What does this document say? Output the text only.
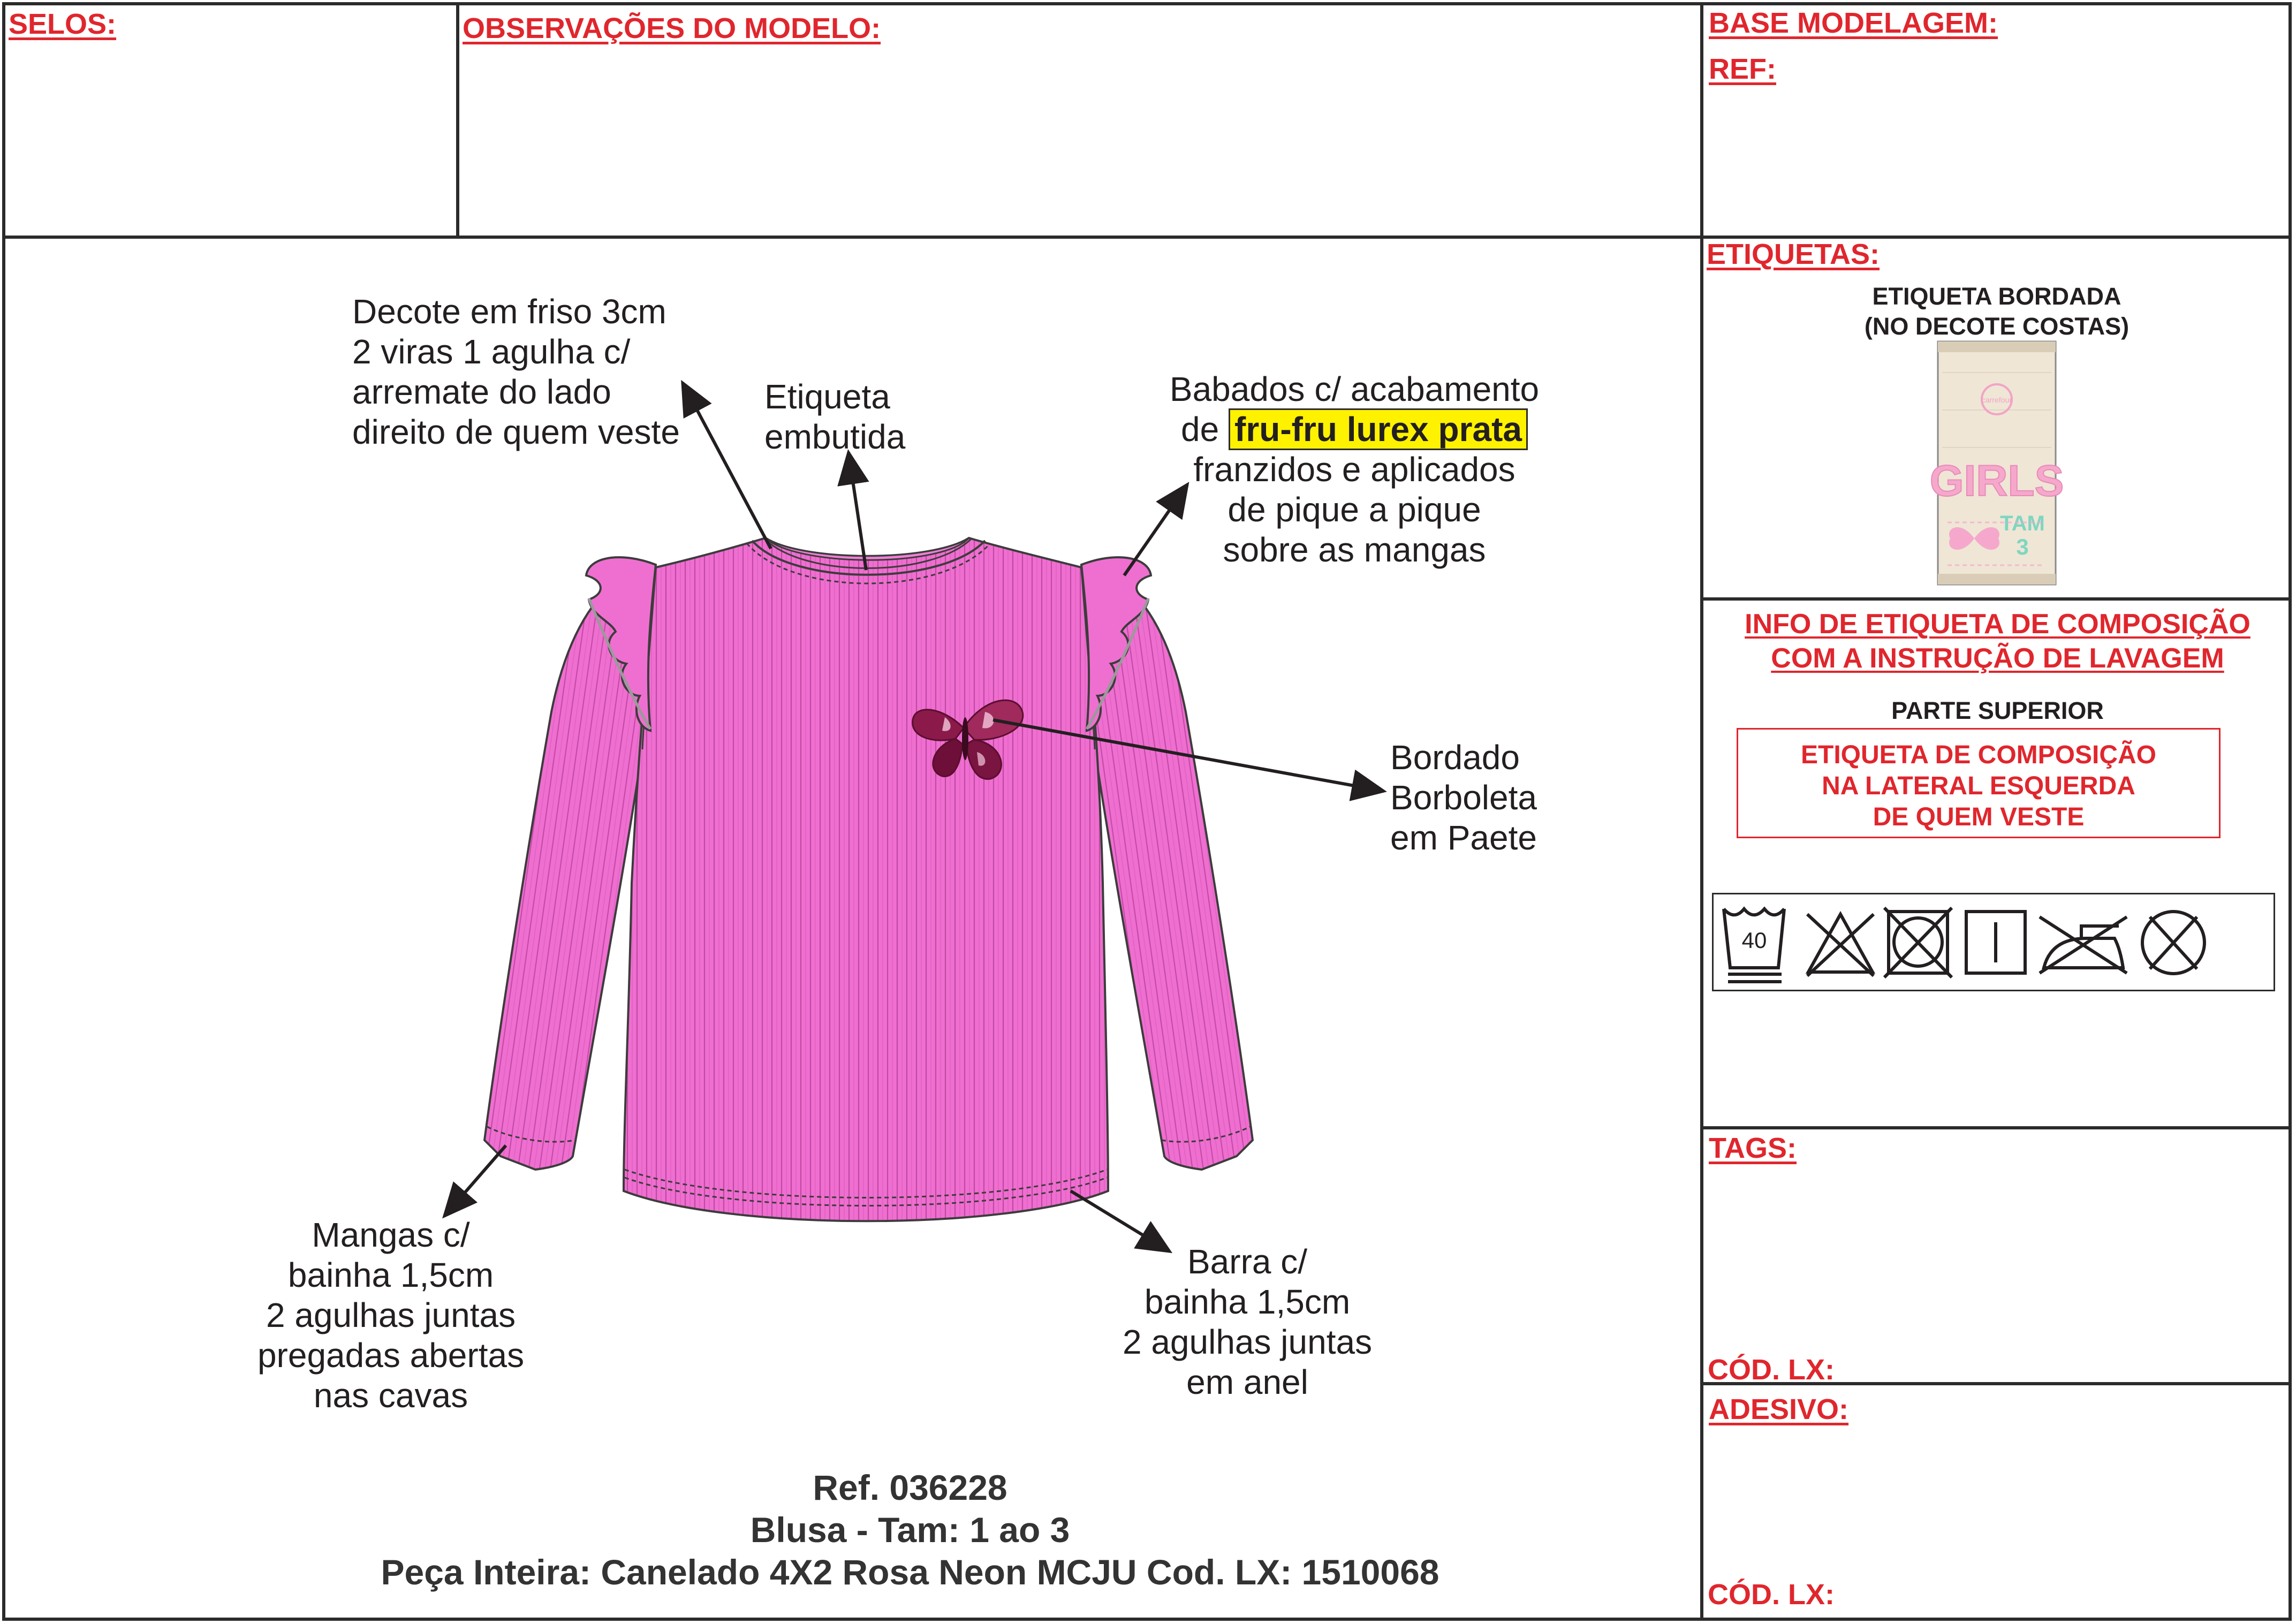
SELOS:	OBSERVAÇÕES DO MODELO:	BASE MODELAGEM:
REF:
Decote em friso 3cm
2 viras 1 agulha c/
arremate do lado
direito de quem veste
Etiqueta
embutida
Babados c/ acabamento
de fru-fru lurex prata
franzidos e aplicados
de pique a pique
sobre as mangas
Bordado
Borboleta
em Paete
Mangas c/
bainha 1,5cm
2 agulhas juntas
pregadas abertas
nas cavas
Barra c/
bainha 1,5cm
2 agulhas juntas
em anel
Ref. 036228
Blusa - Tam: 1 ao 3
Peça Inteira: Canelado 4X2 Rosa Neon MCJU Cod. LX: 1510068
ETIQUETAS:
ETIQUETA BORDADA
(NO DECOTE COSTAS)
carrefour
GIRLS
TAM
3
INFO DE ETIQUETA DE COMPOSIÇÃO
COM A INSTRUÇÃO DE LAVAGEM
PARTE SUPERIOR
ETIQUETA DE COMPOSIÇÃO
NA LATERAL ESQUERDA
DE QUEM VESTE
40
TAGS:
CÓD. LX:
ADESIVO:
CÓD. LX:
